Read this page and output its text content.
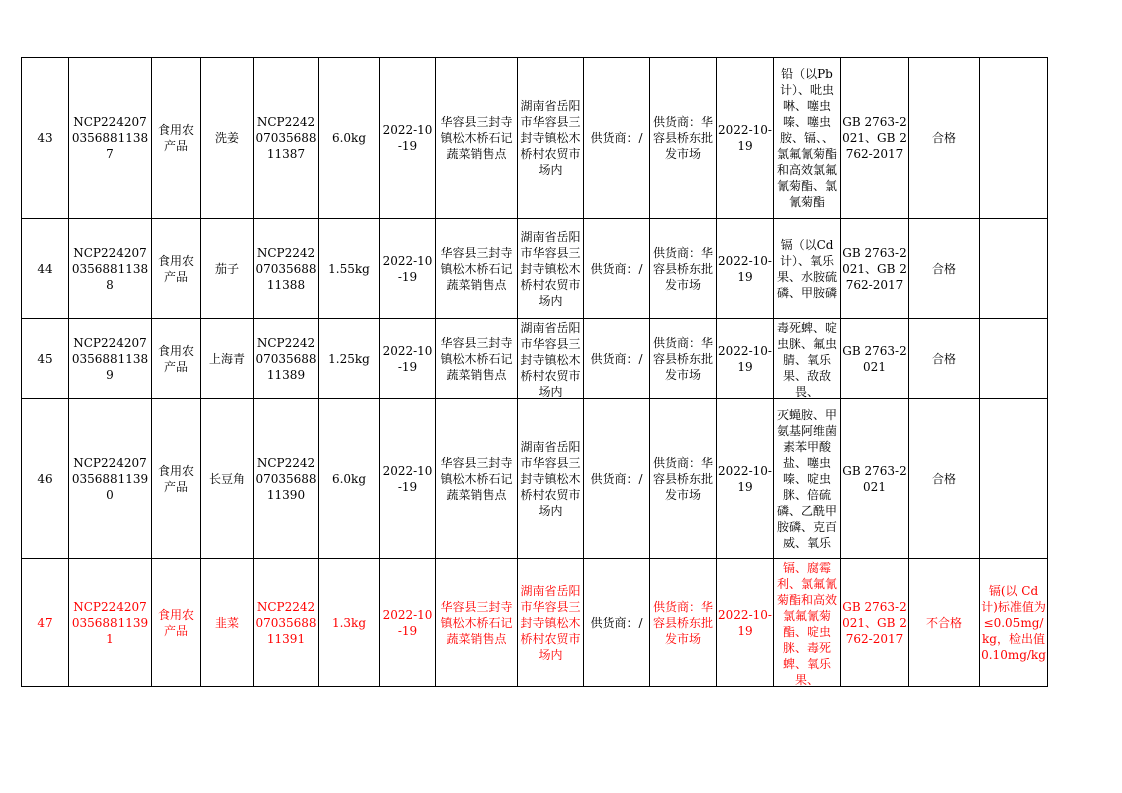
43	NCP22420703568811387	食用农产品	洗姜	NCP22420703568811387	6.0kg	2022-10-19	华容县三封寺镇松木桥石记蔬菜销售点	湖南省岳阳市华容县三封寺镇松木桥村农贸市场内	供货商：/	供货商：华容县桥东批发市场	2022-10-19	铅（以Pb计）、吡虫啉、噻虫嗪、噻虫胺、镉、、氯氟氰菊酯和高效氯氟氰菊酯、氯氰菊酯	GB 2763-2021、GB 2762-2017	合格	

44	NCP22420703568811388	食用农产品	茄子	NCP22420703568811388	1.55kg	2022-10-19	华容县三封寺镇松木桥石记蔬菜销售点	湖南省岳阳市华容县三封寺镇松木桥村农贸市场内	供货商：/	供货商：华容县桥东批发市场	2022-10-19	镉（以Cd计）、氧乐果、水胺硫磷、甲胺磷	GB 2763-2021、GB 2762-2017	合格	

45	NCP22420703568811389	食用农产品	上海青	NCP22420703568811389	1.25kg	2022-10-19	华容县三封寺镇松木桥石记蔬菜销售点	湖南省岳阳市华容县三封寺镇松木桥村农贸市场内	供货商：/	供货商：华容县桥东批发市场	2022-10-19	毒死蜱、啶虫脒、氟虫腈、氧乐果、敌敌畏、	GB 2763-2021	合格	

46	NCP22420703568811390	食用农产品	长豆角	NCP22420703568811390	6.0kg	2022-10-19	华容县三封寺镇松木桥石记蔬菜销售点	湖南省岳阳市华容县三封寺镇松木桥村农贸市场内	供货商：/	供货商：华容县桥东批发市场	2022-10-19	灭蝇胺、甲氨基阿维菌素苯甲酸盐、噻虫嗪、啶虫脒、倍硫磷、乙酰甲胺磷、克百威、氧乐	GB 2763-2021	合格	

47	NCP22420703568811391	食用农产品	韭菜	NCP22420703568811391	1.3kg	2022-10-19	华容县三封寺镇松木桥石记蔬菜销售点	湖南省岳阳市华容县三封寺镇松木桥村农贸市场内	供货商：/	供货商：华容县桥东批发市场	2022-10-19	镉、腐霉利、氯氟氰菊酯和高效氯氟氰菊酯、啶虫脒、毒死蜱、氧乐果、	GB 2763-2021、GB 2762-2017	不合格	镉(以 Cd计)标准值为≤0.05mg/kg，检出值0.10mg/kg
